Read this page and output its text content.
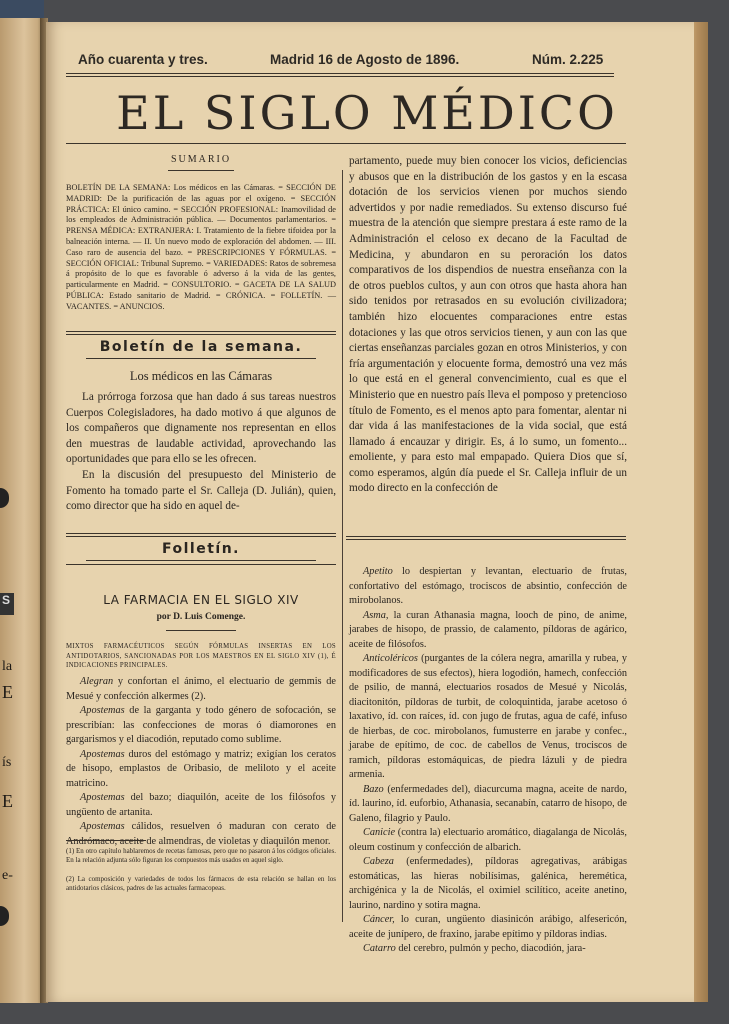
S
la
E
ís
E
e-
Año cuarenta y tres.	Madrid 16 de Agosto de 1896.	Núm. 2.225
EL SIGLO MÉDICO
SUMARIO
BOLETÍN DE LA SEMANA: Los médicos en las Cámaras. = SECCIÓN DE MADRID: De la purificación de las aguas por el oxígeno. = SECCIÓN PRÁCTICA: El único camino. = SECCIÓN PROFESIONAL: Inamovilidad de los empleados de Administración pública. — Documentos parlamentarios. = PRENSA MÉDICA: EXTRANJERA: I. Tratamiento de la fiebre tifoidea por la balneación interna. — II. Un nuevo modo de exploración del abdomen. — III. Caso raro de ausencia del bazo. = PRESCRIPCIONES Y FÓRMULAS. = SECCIÓN OFICIAL: Tribunal Supremo. = VARIEDADES: Ratos de sobremesa á propósito de lo que es favorable ó adverso á la vida de las gentes, particularmente en Madrid. = CONSULTORIO. = GACETA DE LA SALUD PÚBLICA: Estado sanitario de Madrid. = CRÓNICA. = FOLLETÍN. — VACANTES. = ANUNCIOS.
Boletín de la semana.
Los médicos en las Cámaras

La prórroga forzosa que han dado á sus tareas nuestros Cuerpos Colegisladores, ha dado motivo á que algunos de los compañeros que dignamente nos representan en ellos den muestras de laudable actividad, aprovechando las oportunidades que para ello se les ofrecen.

En la discusión del presupuesto del Ministerio de Fomento ha tomado parte el Sr. Calleja (D. Julián), quien, como director que ha sido en aquel de-

Folletín.
LA FARMACIA EN EL SIGLO XIV
por D. Luis Comenge.
MIXTOS FARMACÉUTICOS SEGÚN FÓRMULAS INSERTAS EN LOS ANTIDOTARIOS, SANCIONADAS POR LOS MAESTROS EN EL SIGLO XIV (1), É INDICACIONES PRINCIPALES.

Alegran y confortan el ánimo, el electuario de gemmis de Mesué y confección alkermes (2).

Apostemas de la garganta y todo género de sofocación, se prescribían: las confecciones de moras ó diamorones en gargarismos y el diacodión, reputado como sublime.

Apostemas duros del estómago y matriz; exigían los ceratos de hisopo, emplastos de Oribasio, de meliloto y el aceite matricino.

Apostemas del bazo; diaquilón, aceite de los filósofos y ungüento de artanita.

Apostemas cálidos, resuelven ó maduran con cerato de Andrómaco, aceite de almendras, de violetas y diaquilón menor.

(1) En otro capítulo hablaremos de recetas famosas, pero que no pasaron á los códigos oficiales. En la relación adjunta sólo figuran los compuestos más usados en aquel siglo.
(2) La composición y variedades de todos los fármacos de esta relación se hallan en los antidotarios clásicos, padres de las actuales farmacopeas.

partamento, puede muy bien conocer los vicios, deficiencias y abusos que en la distribución de los gastos y en la escasa dotación de los servicios vienen por muchos siendo advertidos y por nadie remediados. Su extenso discurso fué muestra de la atención que siempre prestara á este ramo de la Administración el celoso ex decano de la Facultad de Medicina, y abundaron en su peroración los datos comparativos de los dispendios de nuestra enseñanza con la de otros pueblos cultos, y aun con otros que hasta ahora han sido tenidos por retrasados en su evolución civilizadora; también hizo elocuentes comparaciones entre estas dotaciones y las que otros servicios tienen, y aun con las que ciertas enseñanzas parciales gozan en otros Ministerios, y con fría argumentación y elocuente forma, demostró una vez más lo que está en el general convencimiento, cual es que el Ministerio que en nuestro país lleva el pomposo y pretencioso título de Fomento, es el menos apto para fomentar, alentar ni dar vida á las manifestaciones de la vida social, que está llamado á encauzar y dirigir. Es, á lo sumo, un fomento... emoliente, y para esto mal empapado. Quiera Dios que sí, como esperamos, algún día puede el Sr. Calleja influir de un modo directo en la confección de

Apetito lo despiertan y levantan, electuario de frutas, confortativo del estómago, trociscos de absintio, confección de mirobolanos.

Asma, la curan Athanasia magna, looch de pino, de anime, jarabes de hisopo, de prassio, de calamento, píldoras de agárico, aceite de filósofos.

Anticoléricos (purgantes de la cólera negra, amarilla y rubea, y modificadores de sus efectos), hiera logodión, hamech, confección de psilio, de manná, electuarios rosados de Mesué y Nicolás, diacitonitón, píldoras de turbit, de coloquintida, jarabe acetoso ó laxativo, íd. con raíces, íd. con jugo de frutas, agua de café, infuso de hierbas, de coc. mirobolanos, fumusterre en jarabe y confec., jarabe de epítimo, de coc. de cabellos de Venus, trociscos de ramich, píldoras estomáquicas, de piedra lázuli y de piedra armenia.

Bazo (enfermedades del), diacurcuma magna, aceite de nardo, íd. laurino, íd. euforbio, Athanasia, secanabín, catarro de hisopo, de Galeno, filagrio y Paulo.

Canicie (contra la) electuario aromático, diagalanga de Nicolás, oleum costinum y confección de albarich.

Cabeza (enfermedades), píldoras agregativas, arábigas estomáticas, las hieras nobilísimas, galénica, heremética, archigénica y la de Nicolás, el oximiel scilítico, aceite anetino, laurino, nardino y sotira magna.

Cáncer, lo curan, ungüento diasinicón arábigo, alfesericón, aceite de junípero, de fraxino, jarabe epítimo y píldoras indias.

Catarro del cerebro, pulmón y pecho, diacodión, jara-
